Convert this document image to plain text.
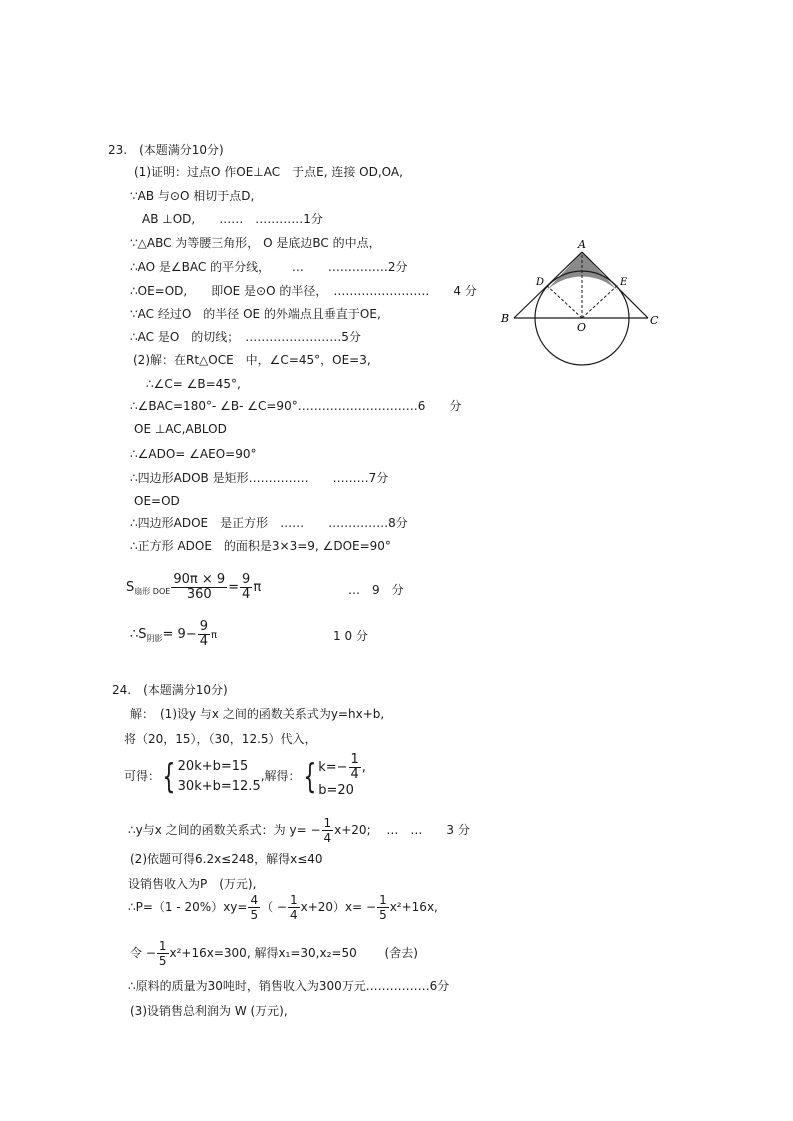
23.　(本题满分10分)
(1)证明：过点O 作OE⊥AC　于点E, 连接 OD,OA,
∵AB 与⊙O 相切于点D,
AB ⊥OD,　　……　…………1分
∵△ABC 为等腰三角形， O 是底边BC 的中点，
∴AO 是∠BAC 的平分线，　　 …　　……………2分
∴OE=OD,　　即OE 是⊙O 的半径，　……………………　　4 分
∵AC 经过O　的半径 OE 的外端点且垂直于OE,
∴AC 是O　的切线；　……………………5分
(2)解：在Rt△OCE　中，∠C=45°，OE=3,
∴∠C= ∠B=45°,
∴∠BAC=180°- ∠B- ∠C=90°…………………………6　　分
OE ⊥AC,ABLOD
∴∠ADO= ∠AEO=90°
∴四边形ADOB 是矩形……………　　………7分
OE=OD
∴四边形ADOE　是正方形　……　　……………8分
∴正方形 ADOE　的面积是3×3=9, ∠DOE=90°
$S_{扇形 DOE} \frac{90\pi \times 9}{360} = \frac{9}{4}$ π	…　9　分
$\therefore S_{阴影}= 9- \frac{9}{4}$ π	1 0 分
A
B	C
D	E
O
24.　(本题满分10分)
解：　(1)设y 与x 之间的函数关系式为y=hx+b,
将（20，15），（30，12.5）代入，
可得：{ 20k+b=15
30k+b=12.5
,解得：{ $k=- \frac{1}{4}$ ,
b=20
∴y与x 之间的函数关系式：为 $y= - \frac{1}{4} x+20$;　 …　…　　3 分
(2)依题可得6.2x≤248，解得x≤40
设销售收入为P　(万元),
∴P=（1 - $20\%)xy= \frac{4}{5}$ （ − $\frac{1}{4} x+20)x= - \frac{1}{5} x^2+16x$,
令 − $\frac{1}{5} x^2+16x=300$, 解得x₁=30,x₂=50　　 (舍去)
∴原料的质量为30吨时，销售收入为300万元.……………6分
(3)设销售总利润为 W (万元),
